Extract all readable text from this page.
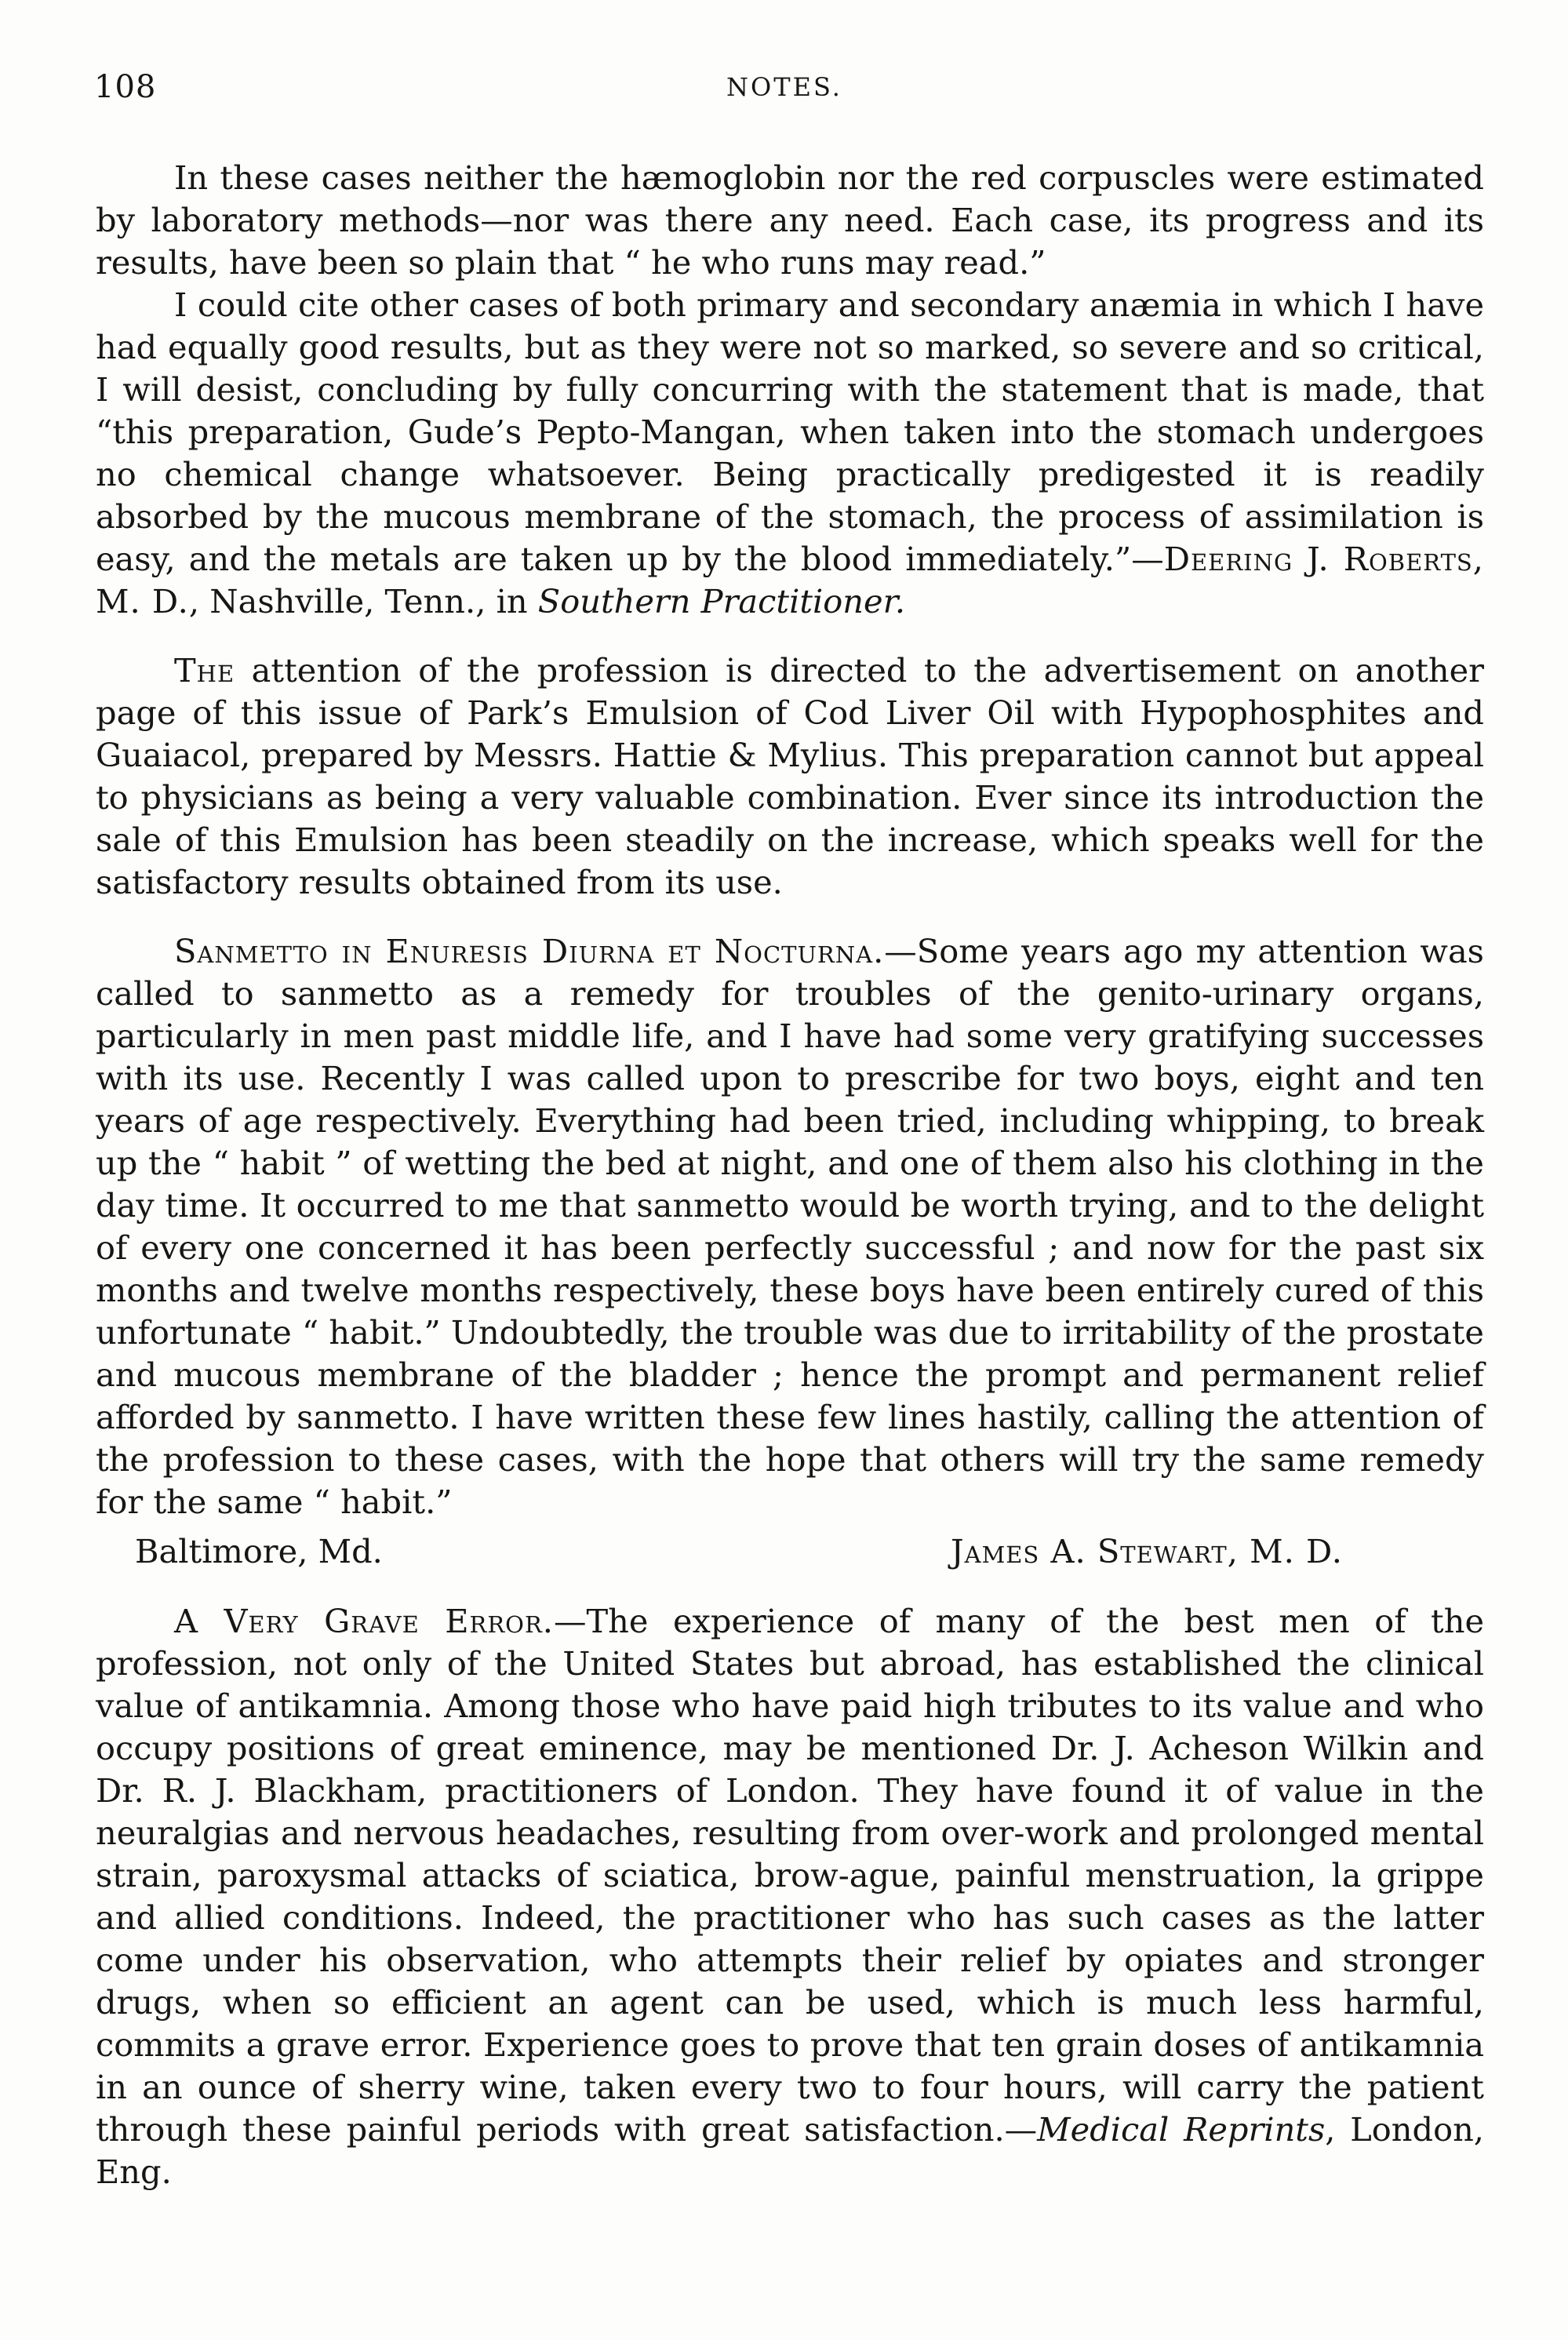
108	NOTES.

In these cases neither the hæmoglobin nor the red corpuscles were estimated by laboratory methods—nor was there any need. Each case, its progress and its results, have been so plain that “ he who runs may read.”

I could cite other cases of both primary and secondary anæmia in which I have had equally good results, but as they were not so marked, so severe and so critical, I will desist, concluding by fully concurring with the statement that is made, that “this preparation, Gude’s Pepto-Mangan, when taken into the stomach undergoes no chemical change whatsoever. Being practically predigested it is readily absorbed by the mucous membrane of the stomach, the process of assimilation is easy, and the metals are taken up by the blood immediately.”—Deering J. Roberts, M. D., Nashville, Tenn., in Southern Practitioner.

The attention of the profession is directed to the advertisement on another page of this issue of Park’s Emulsion of Cod Liver Oil with Hypophosphites and Guaiacol, prepared by Messrs. Hattie & Mylius. This preparation cannot but appeal to physicians as being a very valuable combination. Ever since its introduction the sale of this Emulsion has been steadily on the increase, which speaks well for the satisfactory results obtained from its use.

Sanmetto in Enuresis Diurna et Nocturna.—Some years ago my attention was called to sanmetto as a remedy for troubles of the genito-urinary organs, particularly in men past middle life, and I have had some very gratifying successes with its use. Recently I was called upon to prescribe for two boys, eight and ten years of age respectively. Everything had been tried, including whipping, to break up the “ habit ” of wetting the bed at night, and one of them also his clothing in the day time. It occurred to me that sanmetto would be worth trying, and to the delight of every one concerned it has been perfectly successful ; and now for the past six months and twelve months respectively, these boys have been entirely cured of this unfortunate “ habit.” Undoubtedly, the trouble was due to irritability of the prostate and mucous membrane of the bladder ; hence the prompt and permanent relief afforded by sanmetto. I have written these few lines hastily, calling the attention of the profession to these cases, with the hope that others will try the same remedy for the same “ habit.”

Baltimore, Md.	James A. Stewart, M. D.

A Very Grave Error.—The experience of many of the best men of the profession, not only of the United States but abroad, has established the clinical value of antikamnia. Among those who have paid high tributes to its value and who occupy positions of great eminence, may be mentioned Dr. J. Acheson Wilkin and Dr. R. J. Blackham, practitioners of London. They have found it of value in the neuralgias and nervous headaches, resulting from over-work and prolonged mental strain, paroxysmal attacks of sciatica, brow-ague, painful menstruation, la grippe and allied conditions. Indeed, the practitioner who has such cases as the latter come under his observation, who attempts their relief by opiates and stronger drugs, when so efficient an agent can be used, which is much less harmful, commits a grave error. Experience goes to prove that ten grain doses of antikamnia in an ounce of sherry wine, taken every two to four hours, will carry the patient through these painful periods with great satisfaction.—Medical Reprints, London, Eng.
